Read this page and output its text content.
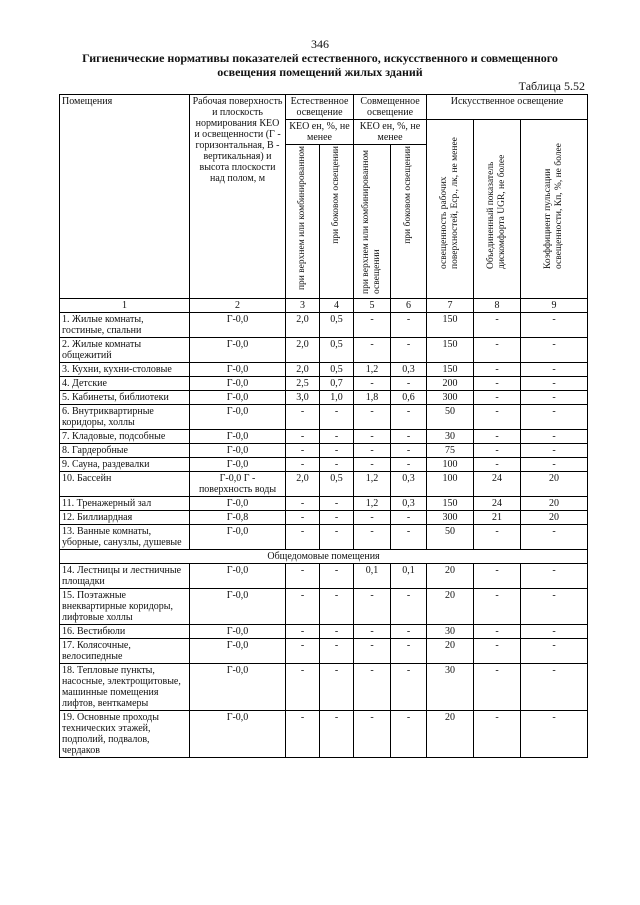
346
Гигиенические нормативы показателей естественного, искусственного и совмещенного освещения помещений жилых зданий
Таблица 5.52
Помещения	Рабочая поверхность и плоскость нормирования КЕО и освещенности (Г - горизонтальная, В - вертикальная) и высота плоскости над полом, м	Естественное освещение		Совмещенное освещение		Искусственное освещение		
		КЕО ен, %, не менее		КЕО ен, %, не менее		освещенность рабочих поверхностей, Еср., лк, не менее	Объединенный показатель дискомфорта UGR, не более	Коэффициент пульсации освещенности, Кп, %, не более
		при верхнем или комбинированном	при боковом освещении	при верхнем или комбинированном освещении	при боковом освещении			
1	2	3	4	5	6	7	8	9
1. Жилые комнаты, гостиные, спальни	Г-0,0	2,0	0,5	-	-	150	-	-
2. Жилые комнаты общежитий	Г-0,0	2,0	0,5	-	-	150	-	-
3. Кухни, кухни-столовые	Г-0,0	2,0	0,5	1,2	0,3	150	-	-
4. Детские	Г-0,0	2,5	0,7	-	-	200	-	-
5. Кабинеты, библиотеки	Г-0,0	3,0	1,0	1,8	0,6	300	-	-
6. Внутриквартирные коридоры, холлы	Г-0,0	-	-	-	-	50	-	-
7. Кладовые, подсобные	Г-0,0	-	-	-	-	30	-	-
8. Гардеробные	Г-0,0	-	-	-	-	75	-	-
9. Сауна, раздевалки	Г-0,0	-	-	-	-	100	-	-
10. Бассейн	Г-0,0 Г - поверхность воды	2,0	0,5	1,2	0,3	100	24	20
11. Тренажерный зал	Г-0,0	-	-	1,2	0,3	150	24	20
12. Биллиардная	Г-0,8	-	-	-	-	300	21	20
13. Ванные комнаты, уборные, санузлы, душевые	Г-0,0	-	-	-	-	50	-	-
Общедомовые помещения								
14. Лестницы и лестничные площадки	Г-0,0	-	-	0,1	0,1	20	-	-
15. Поэтажные внеквартирные коридоры, лифтовые холлы	Г-0,0	-	-	-	-	20	-	-
16. Вестибюли	Г-0,0	-	-	-	-	30	-	-
17. Колясочные, велосипедные	Г-0,0	-	-	-	-	20	-	-
18. Тепловые пункты, насосные, электрощитовые, машинные помещения лифтов, венткамеры	Г-0,0	-	-	-	-	30	-	-
19. Основные проходы технических этажей, подполий, подвалов, чердаков	Г-0,0	-	-	-	-	20	-	-
